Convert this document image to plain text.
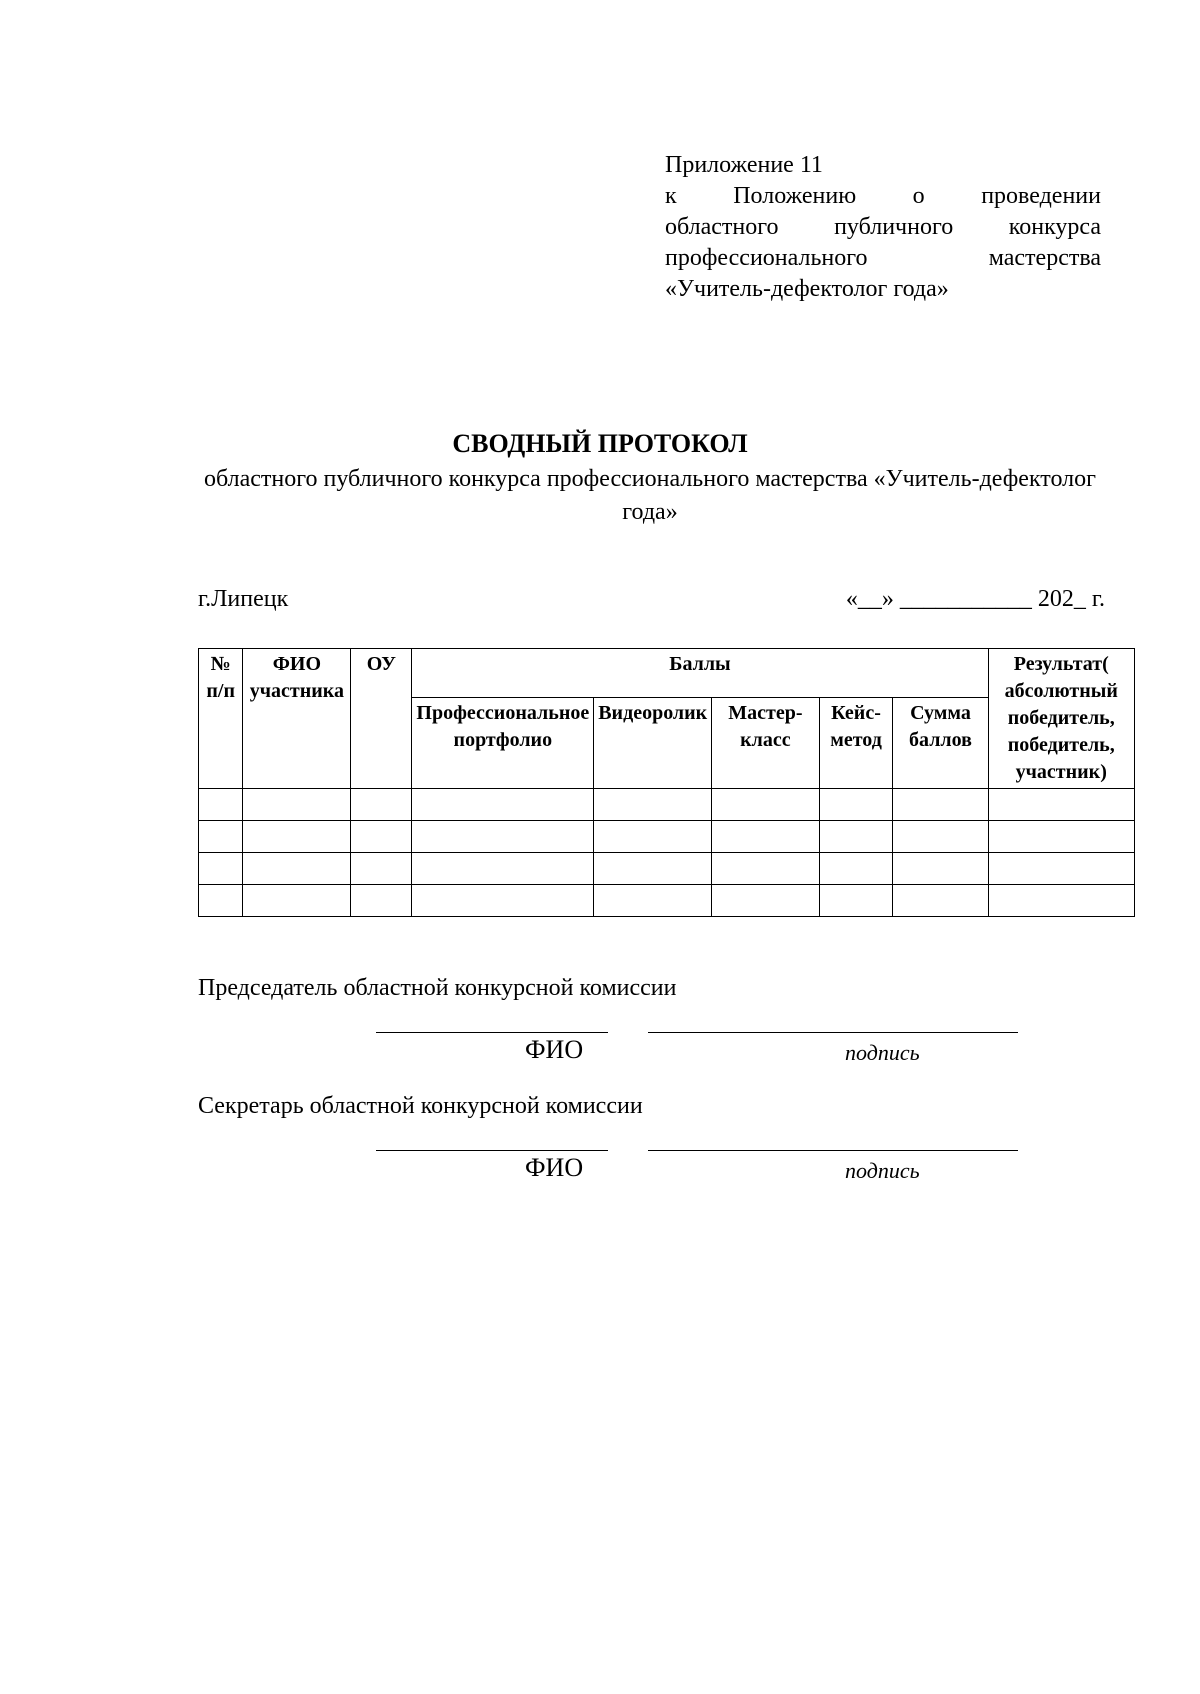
Приложение 11
к Положению о проведении
областного публичного конкурса
профессионального	мастерства
«Учитель-дефектолог года»
СВОДНЫЙ ПРОТОКОЛ
областного публичного конкурса профессионального мастерства «Учитель-дефектолог года»
г.Липецк	«__» ___________ 202_ г.
№ п/п	ФИО участника	ОУ	Баллы					Результат( абсолютный победитель, победитель, участник)
			Профессиональное портфолио	Видеоролик	Мастер-класс	Кейс-метод	Сумма баллов	

Председатель областной конкурсной комиссии
ФИО	подпись
Секретарь областной конкурсной комиссии
ФИО	подпись
